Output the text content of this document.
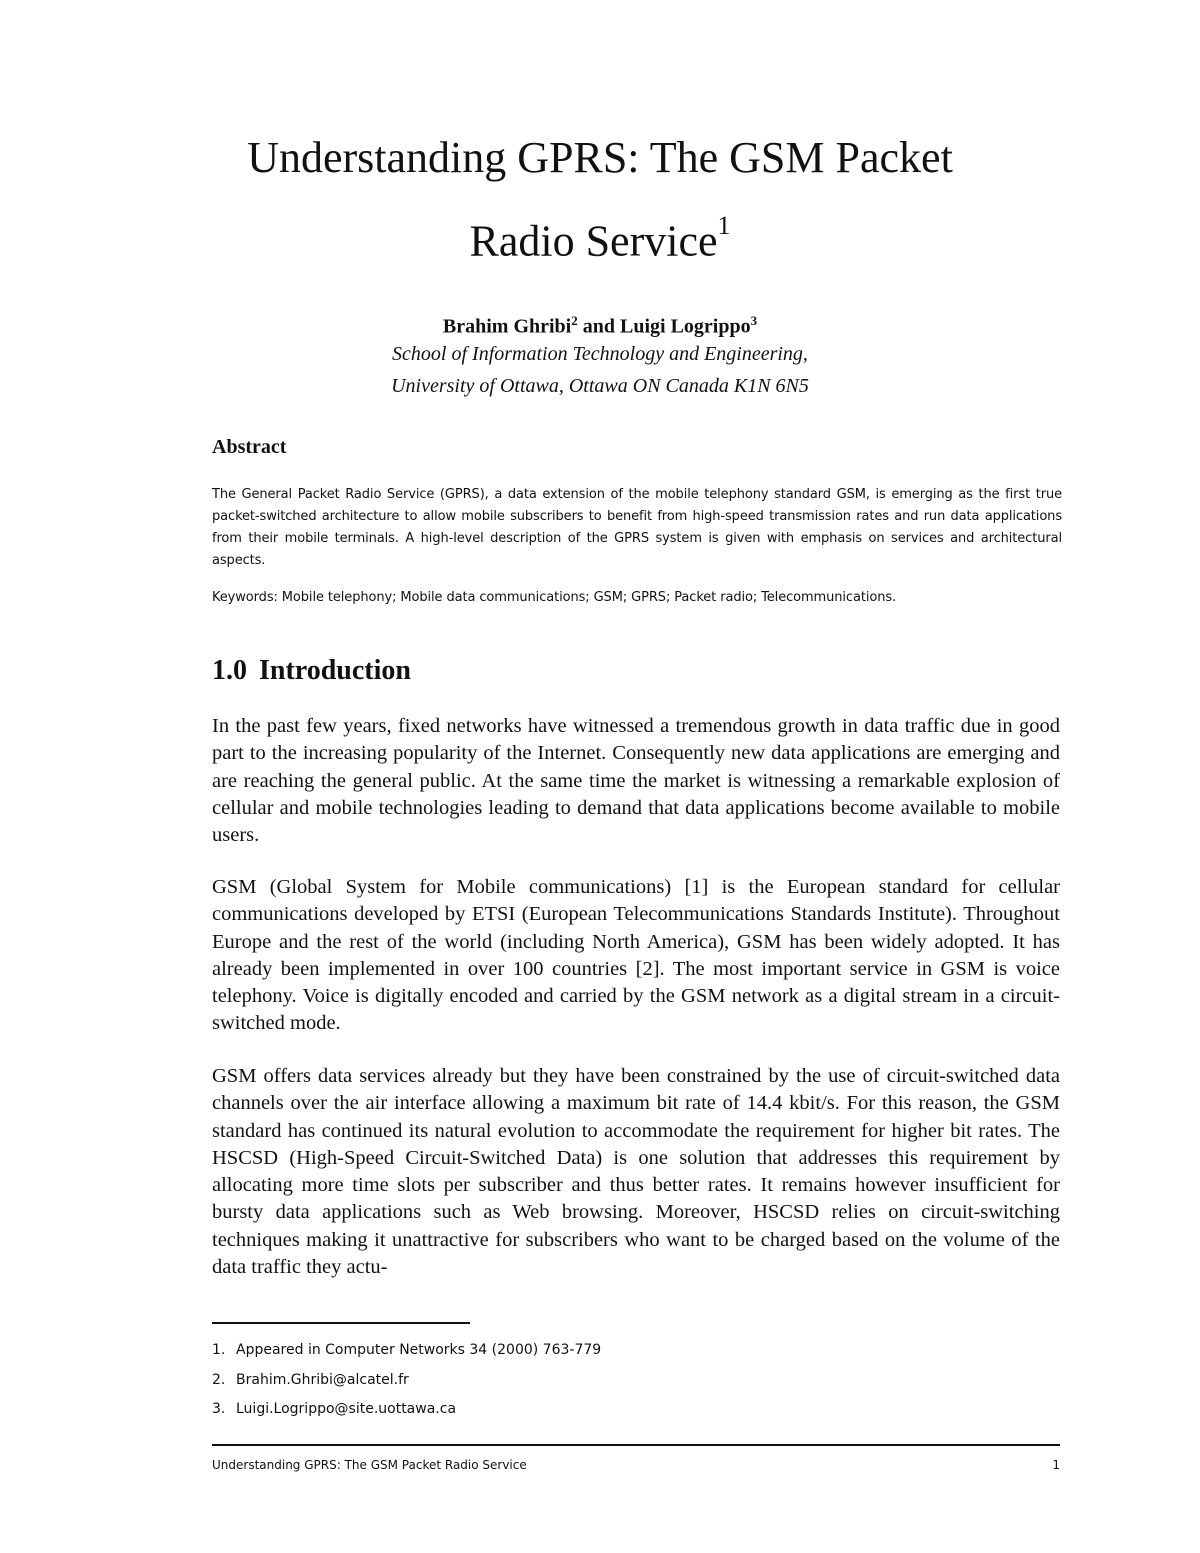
Understanding GPRS: The GSM Packet
Radio Service$^1$
Brahim Ghribi$^2$ and Luigi Logrippo$^3$
School of Information Technology and Engineering,
University of Ottawa, Ottawa ON Canada K1N 6N5
Abstract
The General Packet Radio Service (GPRS), a data extension of the mobile telephony standard GSM, is emerging as the first true packet-switched architecture to allow mobile subscribers to benefit from high-speed transmission rates and run data applications from their mobile terminals. A high-level description of the GPRS system is given with emphasis on services and architectural aspects.
Keywords: Mobile telephony; Mobile data communications; GSM; GPRS; Packet radio; Telecommunications.
1.0 Introduction
In the past few years, fixed networks have witnessed a tremendous growth in data traffic due in good part to the increasing popularity of the Internet. Consequently new data applications are emerging and are reaching the general public. At the same time the market is witnessing a remarkable explosion of cellular and mobile technologies leading to demand that data applications become available to mobile users.
GSM (Global System for Mobile communications) [1] is the European standard for cellular communications developed by ETSI (European Telecommunications Standards Institute). Throughout Europe and the rest of the world (including North America), GSM has been widely adopted. It has already been implemented in over 100 countries [2]. The most important service in GSM is voice telephony. Voice is digitally encoded and carried by the GSM network as a digital stream in a circuit-switched mode.
GSM offers data services already but they have been constrained by the use of circuit-switched data channels over the air interface allowing a maximum bit rate of 14.4 kbit/s. For this reason, the GSM standard has continued its natural evolution to accommodate the requirement for higher bit rates. The HSCSD (High-Speed Circuit-Switched Data) is one solution that addresses this requirement by allocating more time slots per subscriber and thus better rates. It remains however insufficient for bursty data applications such as Web browsing. Moreover, HSCSD relies on circuit-switching techniques making it unattractive for subscribers who want to be charged based on the volume of the data traffic they actu-
1. Appeared in Computer Networks 34 (2000) 763-779
2. Brahim.Ghribi@alcatel.fr
3. Luigi.Logrippo@site.uottawa.ca
Understanding GPRS: The GSM Packet Radio Service	1
